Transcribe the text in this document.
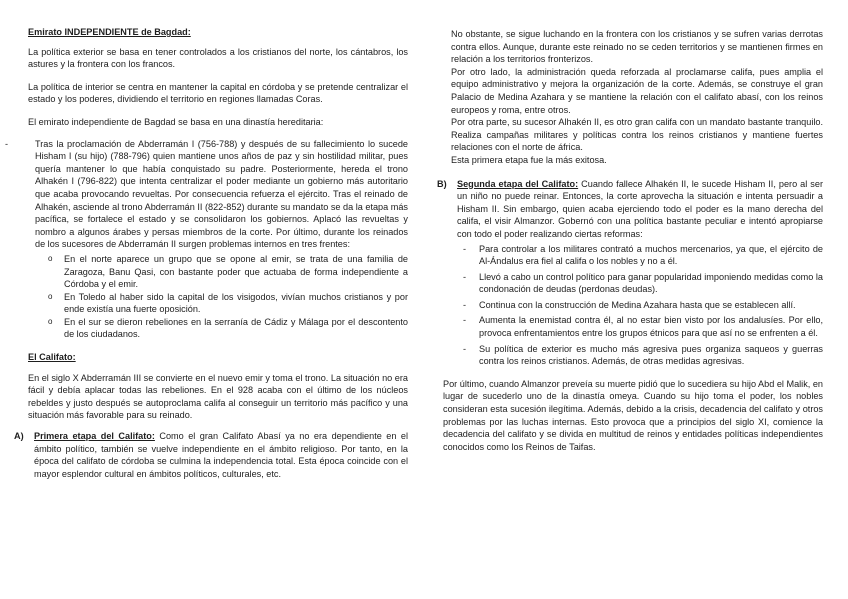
Emirato INDEPENDIENTE de Bagdad:

La política exterior se basa en tener controlados a los cristianos del norte, los cántabros, los astures y la frontera con los francos.

La política de interior se centra en mantener la capital en córdoba y se pretende centralizar el estado y los poderes, dividiendo el territorio en regiones llamadas Coras.

El emirato independiente de Bagdad se basa en una dinastía hereditaria:

-	Tras la proclamación de Abderramán I (756-788) y después de su fallecimiento lo sucede Hisham I (su hijo) (788-796) quien mantiene unos años de paz y sin hostilidad militar, pues quería mantener lo que había conquistado su padre. Posteriormente, hereda el trono Alhakén I (796-822) que intenta centralizar el poder mediante un gobierno más autoritario que acaba provocando revueltas. Por consecuencia refuerza el ejército. Tras el reinado de Alhakén, asciende al trono Abderramán II (822-852) durante su mandato se da la etapa más pacífica, se fortalece el estado y se consolidaron los gobiernos. Aplacó las revueltas y nombro a algunos árabes y persas miembros de la corte. Por último, durante los reinados de los sucesores de Abderramán II surgen problemas internos en tres frentes:
o En el norte aparece un grupo que se opone al emir, se trata de una familia de Zaragoza, Banu Qasi, con bastante poder que actuaba de forma independiente a Córdoba y el emir.
o En Toledo al haber sido la capital de los visigodos, vivían muchos cristianos y por ende existía una fuerte oposición.
o En el sur se dieron rebeliones en la serranía de Cádiz y Málaga por el descontento de los ciudadanos.

El Califato:

En el siglo X Abderramán III se convierte en el nuevo emir y toma el trono. La situación no era fácil y debía aplacar todas las rebeliones. En el 928 acaba con el último de los núcleos rebeldes y justo después se autoproclama califa al conseguir un territorio más pacífico y una situación más favorable para su reinado.

A) Primera etapa del Califato: Como el gran Califato Abasí ya no era dependiente en el ámbito político, también se vuelve independiente en el ámbito religioso. Por tanto, en la época del califato de córdoba se culmina la independencia total. Esta época coincide con el mayor esplendor cultural en ámbitos políticos, culturales, etc.

No obstante, se sigue luchando en la frontera con los cristianos y se sufren varias derrotas contra ellos. Aunque, durante este reinado no se ceden territorios y se mantienen firmes en relación a los territorios fronterizos.

Por otro lado, la administración queda reforzada al proclamarse califa, pues amplia el equipo administrativo y mejora la organización de la corte. Además, se construye el gran Palacio de Medina Azahara y se mantiene la relación con el califato abasí, con los reinos europeos y roma, entre otros.

Por otra parte, su sucesor Alhakén II, es otro gran califa con un mandato bastante tranquilo. Realiza campañas militares y políticas contra los reinos cristianos y mantiene fuertes relaciones con el norte de áfrica.

Esta primera etapa fue la más exitosa.

B) Segunda etapa del Califato: Cuando fallece Alhakén II, le sucede Hisham II, pero al ser un niño no puede reinar. Entonces, la corte aprovecha la situación e intenta persuadir a Hisham II. Sin embargo, quien acaba ejerciendo todo el poder es la mano derecha del califa, el visir Almanzor. Gobernó con una política bastante peculiar e intentó apropiarse con todo el poder realizando ciertas reformas:
- Para controlar a los militares contrató a muchos mercenarios, ya que, el ejército de Al-Ándalus era fiel al califa o los nobles y no a él.
- Llevó a cabo un control político para ganar popularidad imponiendo medidas como la condonación de deudas (perdonas deudas).
- Continua con la construcción de Medina Azahara hasta que se establecen allí.
- Aumenta la enemistad contra él, al no estar bien visto por los andalusíes. Por ello, provoca enfrentamientos entre los grupos étnicos para que así no se enfrenten a él.
- Su política de exterior es mucho más agresiva pues organiza saqueos y guerras contra los reinos cristianos. Además, de otras medidas agresivas.

Por último, cuando Almanzor preveía su muerte pidió que lo sucediera su hijo Abd el Malik, en lugar de sucederlo uno de la dinastía omeya. Cuando su hijo toma el poder, los nobles consideran esta sucesión ilegítima. Además, debido a la crisis, decadencia del califato y otros problemas por las luchas internas. Esto provoca que a principios del siglo XI, comience la decadencia del califato y se divida en multitud de reinos y entidades políticas independientes conocidos como los Reinos de Taifas.
